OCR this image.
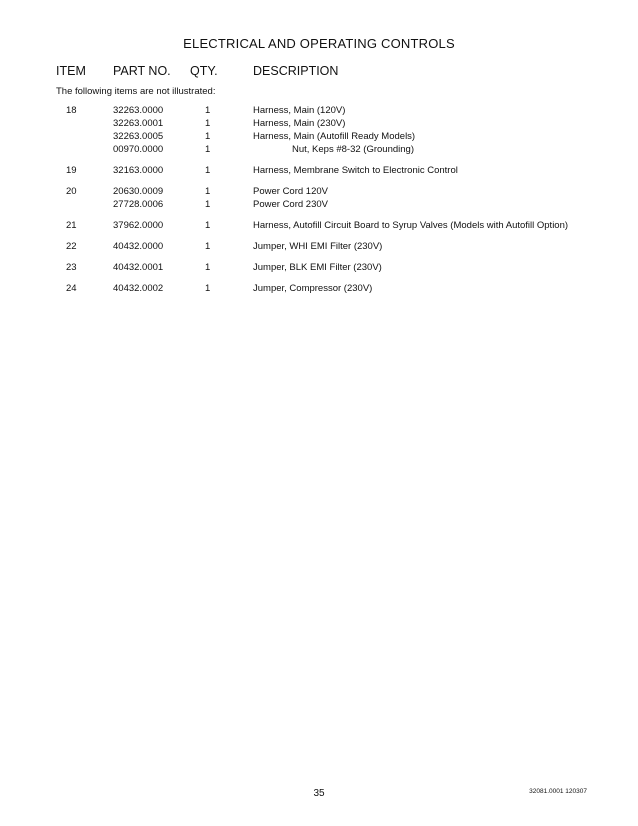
ELECTRICAL AND OPERATING CONTROLS
ITEM PART NO. QTY.	DESCRIPTION
The following items are not illustrated:
18	32263.0000	1	Harness, Main (120V)
32263.0001	1	Harness, Main (230V)
32263.0005	1	Harness, Main (Autofill Ready Models)
00970.0000	1	Nut, Keps #8-32 (Grounding)
19	32163.0000	1	Harness, Membrane Switch to Electronic Control
20	20630.0009	1	Power Cord 120V
27728.0006	1	Power Cord 230V
21	37962.0000	1	Harness, Autofill Circuit Board to Syrup Valves (Models with Autofill Option)
22	40432.0000	1	Jumper, WHI EMI Filter (230V)
23	40432.0001	1	Jumper, BLK EMI Filter (230V)
24	40432.0002	1	Jumper, Compressor (230V)
35	32081.0001 120307
